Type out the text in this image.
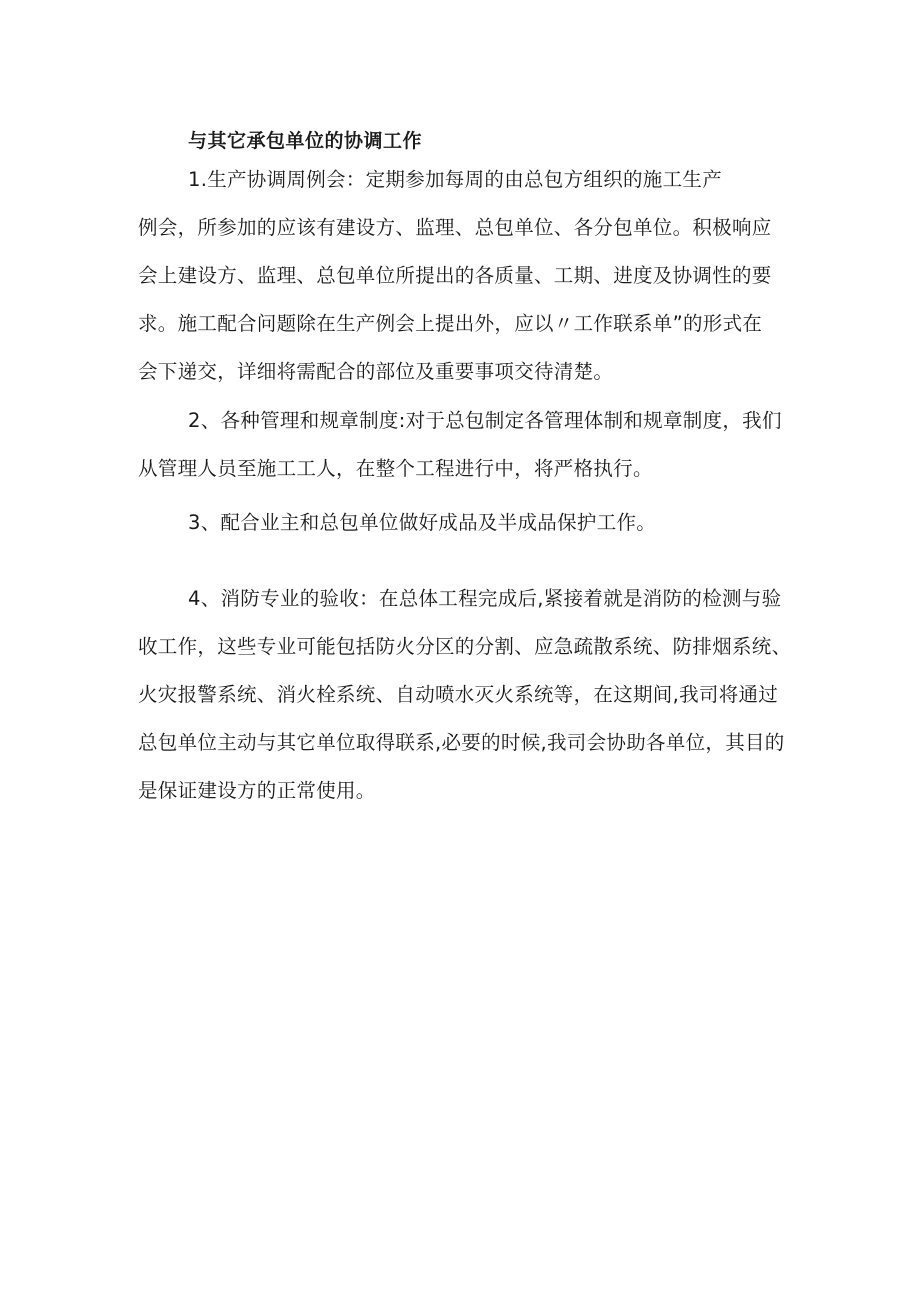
与其它承包单位的协调工作
1.生产协调周例会：定期参加每周的由总包方组织的施工生产
例会，所参加的应该有建设方、监理、总包单位、各分包单位。积极响应
会上建设方、监理、总包单位所提出的各质量、工期、进度及协调性的要
求。施工配合问题除在生产例会上提出外，应以〃工作联系单”的形式在
会下递交，详细将需配合的部位及重要事项交待清楚。
2、各种管理和规章制度:对于总包制定各管理体制和规章制度，我们
从管理人员至施工工人，在整个工程进行中，将严格执行。
3、配合业主和总包单位做好成品及半成品保护工作。
4、消防专业的验收：在总体工程完成后,紧接着就是消防的检测与验
收工作，这些专业可能包括防火分区的分割、应急疏散系统、防排烟系统、
火灾报警系统、消火栓系统、自动喷水灭火系统等，在这期间,我司将通过
总包单位主动与其它单位取得联系,必要的时候,我司会协助各单位，其目的
是保证建设方的正常使用。
